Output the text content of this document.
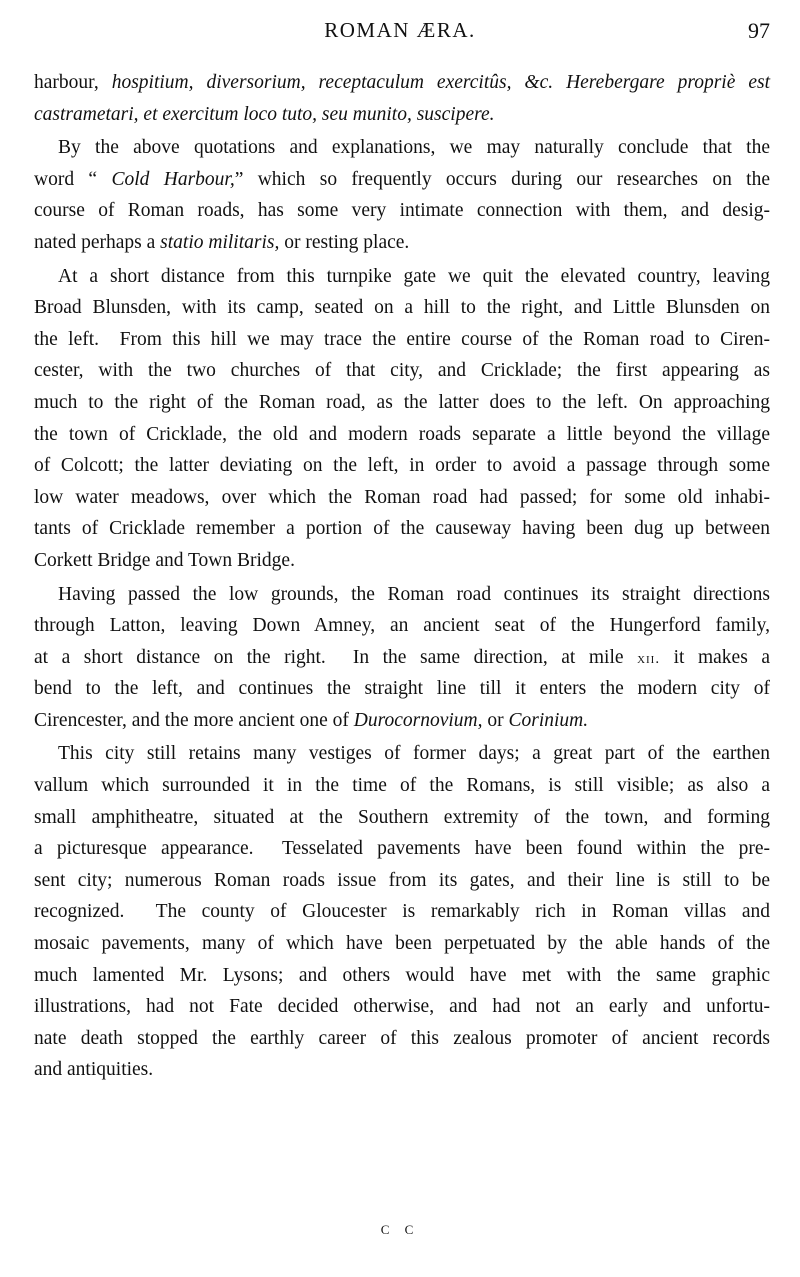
ROMAN ÆRA.	97
harbour, hospitium, diversorium, receptaculum exercitûs, &c. Herebergare propriè est
castrametari, et exercitum loco tuto, seu munito, suscipere.
By the above quotations and explanations, we may naturally conclude that the
word “ Cold Harbour,” which so frequently occurs during our researches on the
course of Roman roads, has some very intimate connection with them, and desig-
nated perhaps a statio militaris, or resting place.
At a short distance from this turnpike gate we quit the elevated country, leaving
Broad Blunsden, with its camp, seated on a hill to the right, and Little Blunsden on
the left.  From this hill we may trace the entire course of the Roman road to Ciren-
cester, with the two churches of that city, and Cricklade; the first appearing as
much to the right of the Roman road, as the latter does to the left. On approaching
the town of Cricklade, the old and modern roads separate a little beyond the village
of Colcott; the latter deviating on the left, in order to avoid a passage through some
low water meadows, over which the Roman road had passed; for some old inhabi-
tants of Cricklade remember a portion of the causeway having been dug up between
Corkett Bridge and Town Bridge.
Having passed the low grounds, the Roman road continues its straight directions
through Latton, leaving Down Amney, an ancient seat of the Hungerford family,
at a short distance on the right.  In the same direction, at mile xii. it makes a
bend to the left, and continues the straight line till it enters the modern city of
Cirencester, and the more ancient one of Durocornovium, or Corinium.
This city still retains many vestiges of former days; a great part of the earthen
vallum which surrounded it in the time of the Romans, is still visible; as also a
small amphitheatre, situated at the Southern extremity of the town, and forming
a picturesque appearance.  Tesselated pavements have been found within the pre-
sent city; numerous Roman roads issue from its gates, and their line is still to be
recognized.  The county of Gloucester is remarkably rich in Roman villas and
mosaic pavements, many of which have been perpetuated by the able hands of the
much lamented Mr. Lysons; and others would have met with the same graphic
illustrations, had not Fate decided otherwise, and had not an early and unfortu-
nate death stopped the earthly career of this zealous promoter of ancient records
and antiquities.
C C
